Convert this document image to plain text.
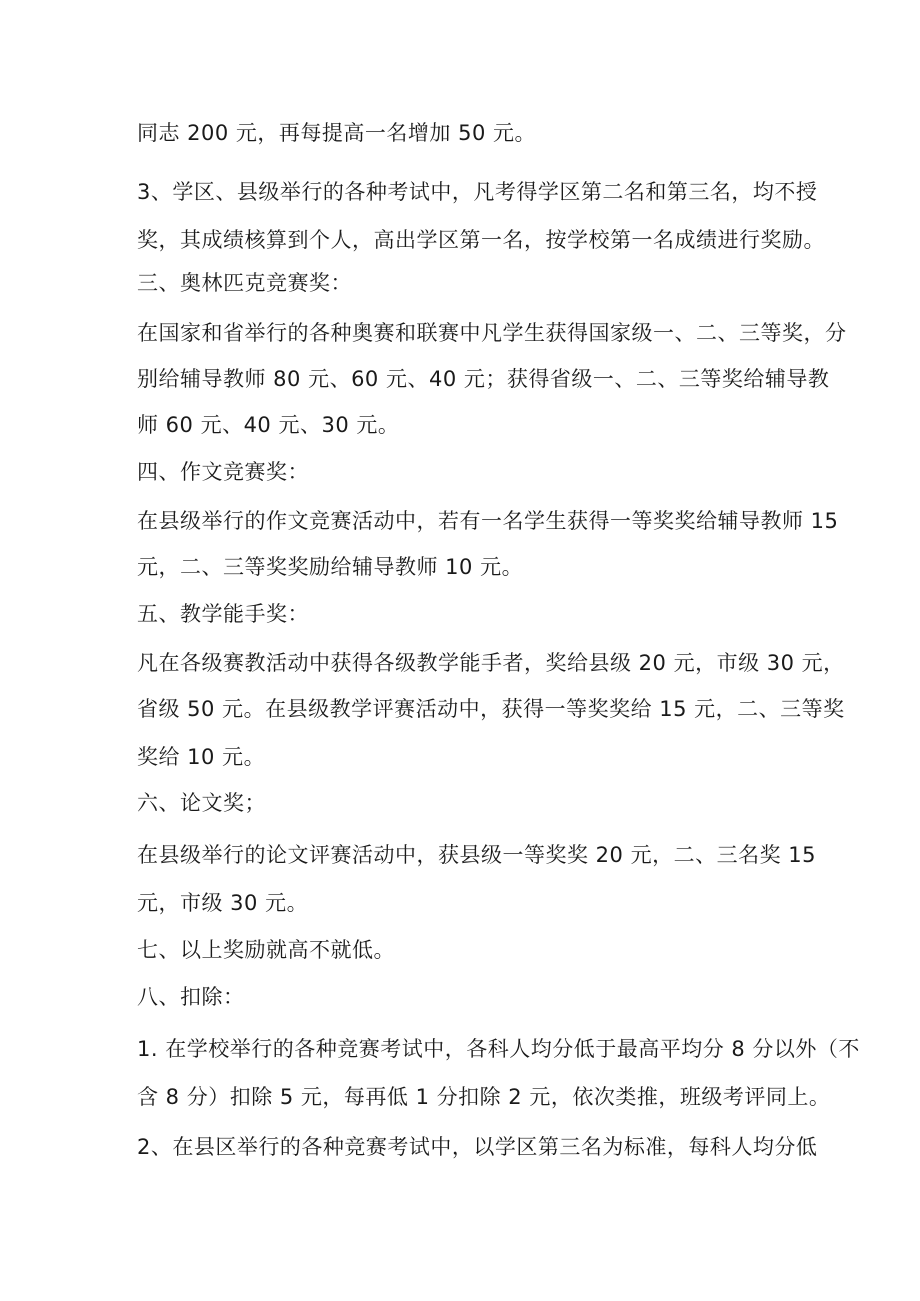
同志 200 元，再每提高一名增加 50 元。
3、学区、县级举行的各种考试中，凡考得学区第二名和第三名，均不授
奖，其成绩核算到个人，高出学区第一名，按学校第一名成绩进行奖励。
三、奥林匹克竞赛奖：
在国家和省举行的各种奥赛和联赛中凡学生获得国家级一、二、三等奖，分
别给辅导教师 80 元、60 元、40 元；获得省级一、二、三等奖给辅导教
师 60 元、40 元、30 元。
四、作文竞赛奖：
在县级举行的作文竞赛活动中，若有一名学生获得一等奖奖给辅导教师 15
元，二、三等奖奖励给辅导教师 10 元。
五、教学能手奖：
凡在各级赛教活动中获得各级教学能手者，奖给县级 20 元，市级 30 元，
省级 50 元。在县级教学评赛活动中，获得一等奖奖给 15 元，二、三等奖
奖给 10 元。
六、论文奖；
在县级举行的论文评赛活动中，获县级一等奖奖 20 元，二、三名奖 15
元，市级 30 元。
七、以上奖励就高不就低。
八、扣除：
1. 在学校举行的各种竞赛考试中，各科人均分低于最高平均分 8 分以外（不
含 8 分）扣除 5 元，每再低 1 分扣除 2 元，依次类推，班级考评同上。
2、在县区举行的各种竞赛考试中，以学区第三名为标准，每科人均分低
